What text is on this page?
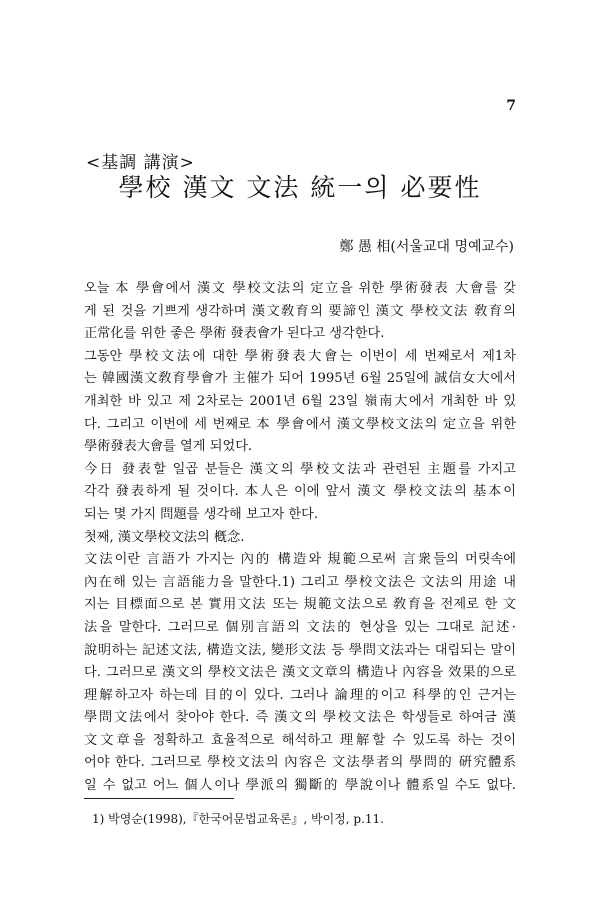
7
<基調 講演>
學校 漢文 文法 統一의 必要性
鄭 愚 相(서울교대 명예교수)
오늘 本 學會에서 漢文 學校文法의 定立을 위한 學術發表 大會를 갖
게 된 것을 기쁘게 생각하며 漢文敎育의 要諦인 漢文 學校文法 敎育의
正常化를 위한 좋은 學術 發表會가 된다고 생각한다.
그동안 學校文法에 대한 學術發表大會는 이번이 세 번째로서 제1차
는 韓國漢文敎育學會가 主催가 되어 1995년 6월 25일에 誠信女大에서
개최한 바 있고 제 2차로는 2001년 6월 23일 嶺南大에서 개최한 바 있
다. 그리고 이번에 세 번째로 本 學會에서 漢文學校文法의 定立을 위한
學術發表大會를 열게 되었다.
今日 發表할 일곱 분들은 漢文의 學校文法과 관련된 主題를 가지고
각각 發表하게 될 것이다. 本人은 이에 앞서 漢文 學校文法의 基本이
되는 몇 가지 問題를 생각해 보고자 한다.
첫째, 漢文學校文法의 槪念.
文法이란 言語가 가지는 內的 構造와 規範으로써 言衆들의 머릿속에
內在해 있는 言語能力을 말한다.1) 그리고 學校文法은 文法의 用途 내
지는 目標面으로 본 實用文法 또는 規範文法으로 敎育을 전제로 한 文
法을 말한다. 그러므로 個別言語의 文法的 현상을 있는 그대로 記述·
說明하는 記述文法, 構造文法, 變形文法 등 學問文法과는 대립되는 말이
다. 그러므로 漢文의 學校文法은 漢文文章의 構造나 內容을 效果的으로
理解하고자 하는데 目的이 있다. 그러나 論理的이고 科學的인 근거는
學問文法에서 찾아야 한다. 즉 漢文의 學校文法은 학생들로 하여금 漢
文文章을 정확하고 효율적으로 해석하고 理解할 수 있도록 하는 것이
어야 한다. 그러므로 學校文法의 內容은 文法學者의 學問的 硏究體系
일 수 없고 어느 個人이나 學派의 獨斷的 學說이나 體系일 수도 없다.
1) 박영순(1998),『한국어문법교육론』, 박이정, p.11.
